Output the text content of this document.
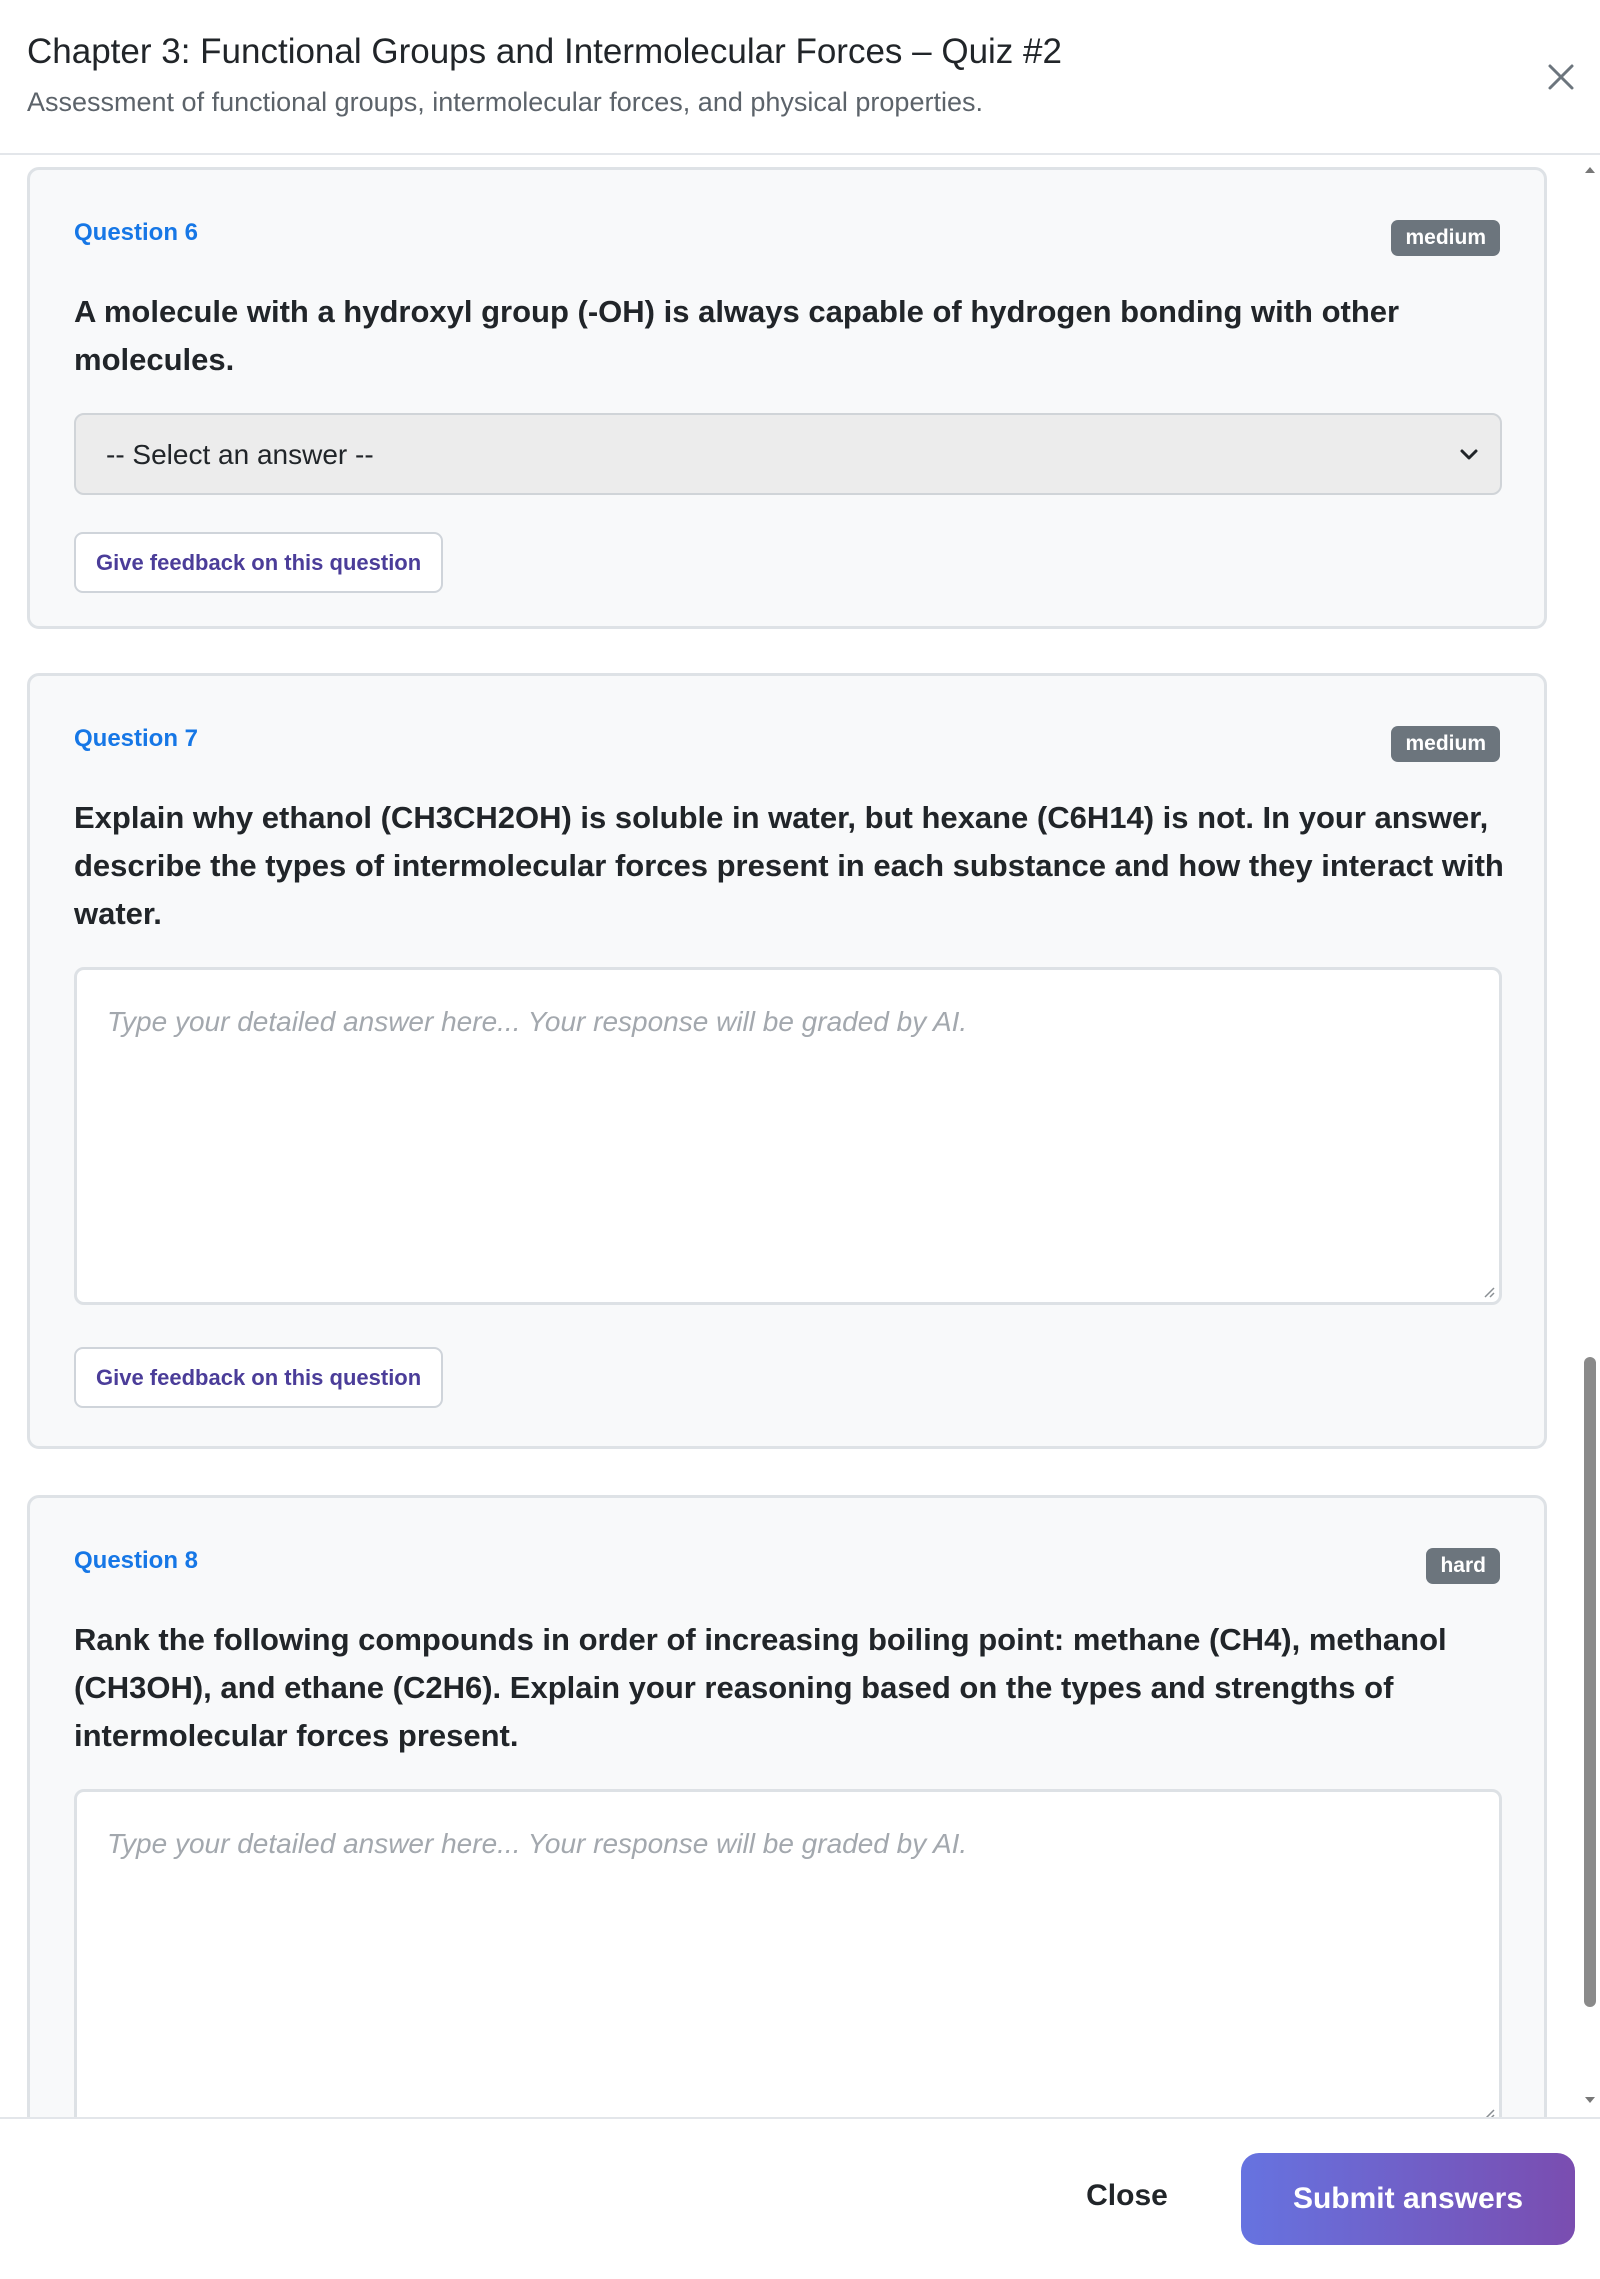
Chapter 3: Functional Groups and Intermolecular Forces – Quiz #2

Assessment of functional groups, intermolecular forces, and physical properties.

Question 6	medium

A molecule with a hydroxyl group (-OH) is always capable of hydrogen bonding with other molecules.

-- Select an answer --
Give feedback on this question
Question 7	medium

Explain why ethanol (CH3CH2OH) is soluble in water, but hexane (C6H14) is not. In your answer, describe the types of intermolecular forces present in each substance and how they interact with water.

Type your detailed answer here... Your response will be graded by AI.
Give feedback on this question
Question 8	hard

Rank the following compounds in order of increasing boiling point: methane (CH4), methanol (CH3OH), and ethane (C2H6). Explain your reasoning based on the types and strengths of intermolecular forces present.

Type your detailed answer here... Your response will be graded by AI.
Close	Submit answers
